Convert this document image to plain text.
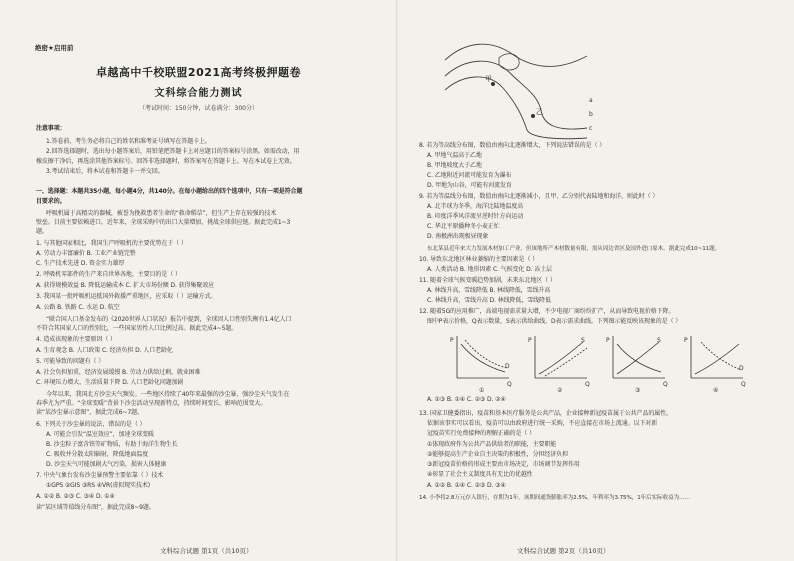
绝密★启用前
卓越高中千校联盟2021高考终极押题卷
文科综合能力测试
（考试时间：150分钟，试卷满分：300分）
注意事项：
1.答卷前，考生务必将自己的姓名和准考证号填写在答题卡上。
2.回答选择题时，选出每小题答案后，用铅笔把答题卡上对应题目的答案标号涂黑。如需改动，用
橡皮擦干净后，再选涂其他答案标号。回答非选择题时，将答案写在答题卡上。写在本试卷上无效。
3.考试结束后，将本试卷和答题卡一并交回。
一、选择题：本题共35小题，每小题4分，共140分。在每小题给出的四个选项中，只有一项是符合题
目要求的。
呼吸机属于高精尖的器械，被誉为挽救患者生命的“救命稻草”，但生产上存在较强的技术
壁垒。目前主要依赖进口。近年来，全球采购中的出口大量增加，挑战全球供应链。据此完成1~3
题。
1. 与其他国家相比，我国生产呼吸机的主要优势在于（ ）
A. 劳动力丰富廉价 B. 工业产业链完整
C. 生产技术先进 D. 资金实力雄厚
2. 呼吸机零部件的生产来自世界各地，主要目的是（ ）
A. 获得规模效益 B. 降低运输成本 C. 扩大市场份额 D. 获得集聚效应
3. 我国某一批呼吸机运抵国外救援严重地区，应采取（ ）运输方式。
A. 公路 B. 铁路 C. 水运 D. 航空
“联合国人口基金发布的《2020世界人口状况》报告中提到，全球因人口性别失衡有1.4亿人口
不符合其国家人口的性别比，一些国家男性人口比例过高。据此完成4~5题。
4. 造成该现象的主要原因（ ）
A. 生育观念 B. 人口政策 C. 经济负担 D. 人口老龄化
5. 可能导致的问题有（ ）
A. 社会负担加重，经济发展缓慢 B. 劳动力供给过剩，就业困难
C. 环境压力增大，生活质量下降 D. 人口老龄化问题加剧
今年以来，我国北方沙尘天气频发。一些地区持续了40年来最强的沙尘暴，强沙尘天气发生在
春季尤为严重。“全球变暖”背景下沙尘活动呈现新特点，持续时间变长、影响范围变大。
读“某沙尘暴示意图”，据此完成6~7题。
6. 下列关于沙尘暴的说法，错误的是（ ）
A. 可能会引发“温室效应”，加速全球变暖
B. 沙尘粒子富含铁等矿物质，有助于海洋生物生长
C. 吸收并分散太阳辐射，降低地面温度
D. 沙尘天气可能加剧大气污染，损害人体健康
7. 中央气象台发布沙尘暴预警主要依靠（ ）技术
①GPS ②GIS ③RS ④VR(虚拟现实技术)
A. ①② B. ②③ C. ③④ D. ①④
读“某区域等值线分布图”，据此完成8~9题。
文科综合试题 第1页（共10页）
甲
乙
a
b
c
8. 若为等高线分布图，数值由南向北逐渐增大，下列说法错误的是（ ）
A. 甲地气温高于乙地
B. 甲地坡度大于乙地
C. 乙地附近河流可能发育为瀑布
D. 甲地为山谷，可能有河流发育
9. 若为等温线分布图，数值由南向北逐渐减小，且甲、乙分别代表陆地和海洋，则此时（ ）
A. 北半球为冬季，海洋比陆地温度高
B. 印度洋季风洋流呈逆时针方向运动
C. 华北平原播种冬小麦正忙
D. 南极洲出现极昼现象
东北某县近年来大力发展木材加工产业，但该地所产木材数量有限，需从周边省区及国外进口原木。据此完成10~11题。
10. 导致东北地区林业萎缩的主要因素是（ ）
A. 人类活动 B. 地形因素 C. 气候变化 D. 冻土层
11. 随着全球气候变暖趋势加剧，未来东北地区（ ）
A. 林线升高，雪线降低 B. 林线降低，雪线升高
C. 林线升高，雪线升高 D. 林线降低，雪线降低
12. 随着5G的应用推广，高端电视需求量大增，不少电视厂商纷纷扩产，从而导致电视价格下降。
图中P表示价格，Q表示数量，S表示供给曲线，D表示需求曲线。下列图示能反映该现象的是（ ）
P
Q
D
①
P
Q
S
②
P
Q
S
③
P
Q
D
④
A. ①③ B. ①④ C. ②③ D. ②④
13. 国家卫健委指出，疫苗和基本医疗服务是公共产品，企业接种新冠疫苗属于公共产品的属性，
依据该事实可以看出，疫苗可以由政府进行统一采购，不应直接在市场上流通。以下对新
冠疫苗实行免费接种的理解正确的是（ ）
①体现政府作为公共产品供给者的职能，主要职能
②能够提高生产企业自主决策的积极性，分担经济负担
③新冠疫苗价格的形成主要由市场决定，市场调节发挥作用
④彰显了社会主义制度具有无比的优越性
A. ①② B. ①④ C. ②③ D. ③④
14. 小李将2.8万元存入银行，存期为1年。该期间通货膨胀率为2.5%，年利率为3.75%，1年后实际收益为……
文科综合试题 第2页（共10页）
